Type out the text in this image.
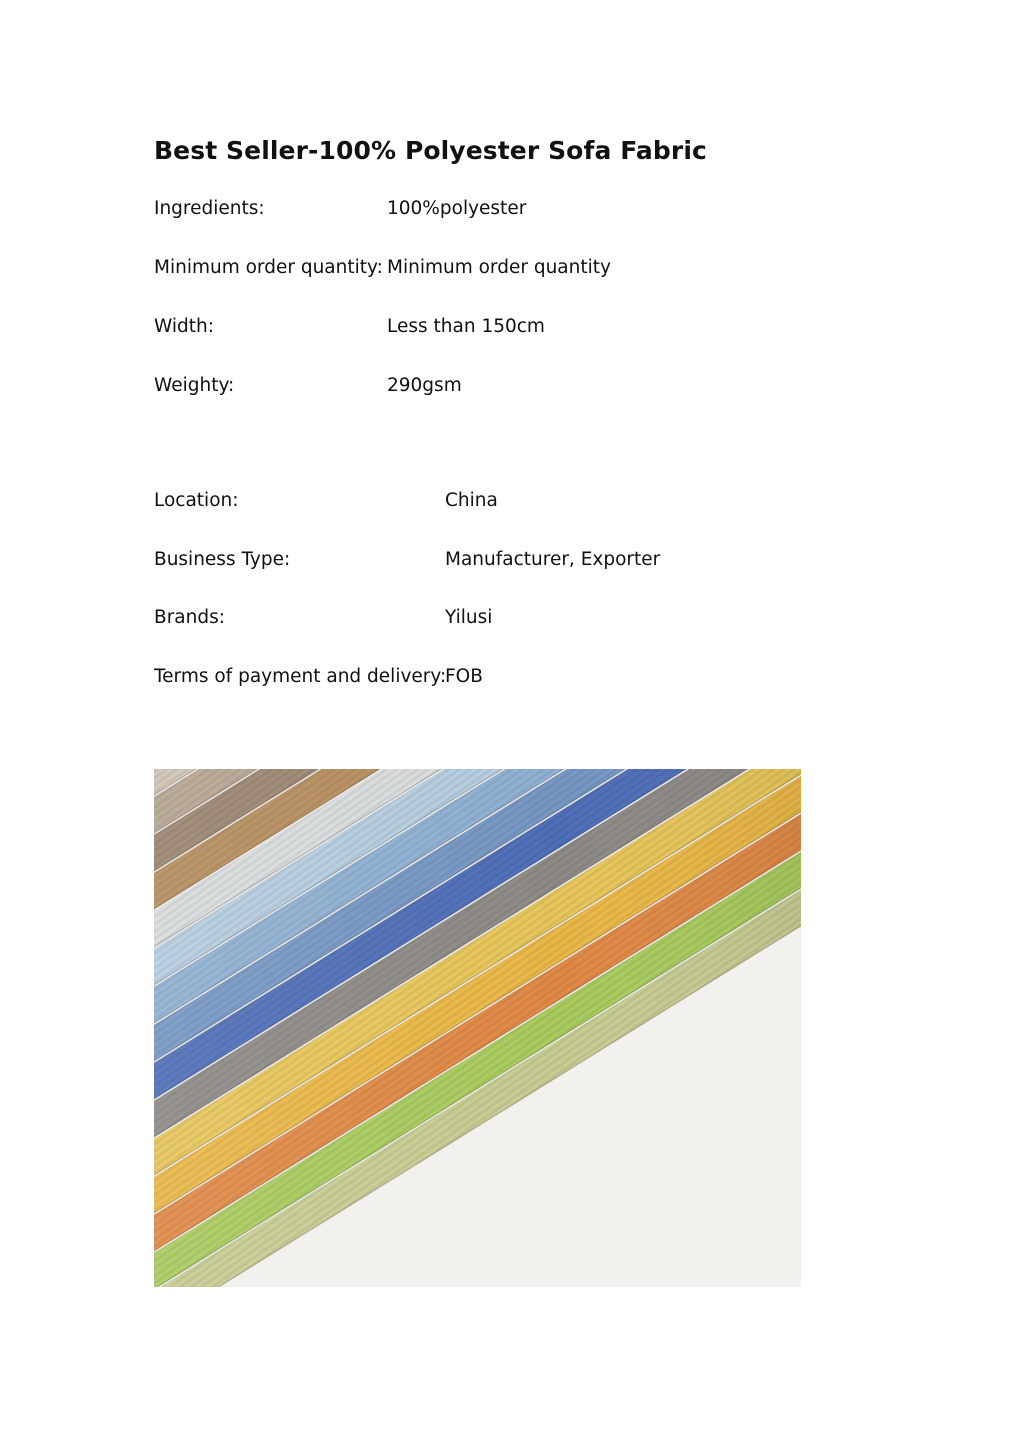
Best Seller-100% Polyester Sofa Fabric
Ingredients:	100%polyester
Minimum order quantity: Minimum order quantity
Width:	Less than 150cm
Weighty:	290gsm
Location:	China
Business Type:	Manufacturer, Exporter
Brands:	Yilusi
Terms of payment and delivery:
FOB
